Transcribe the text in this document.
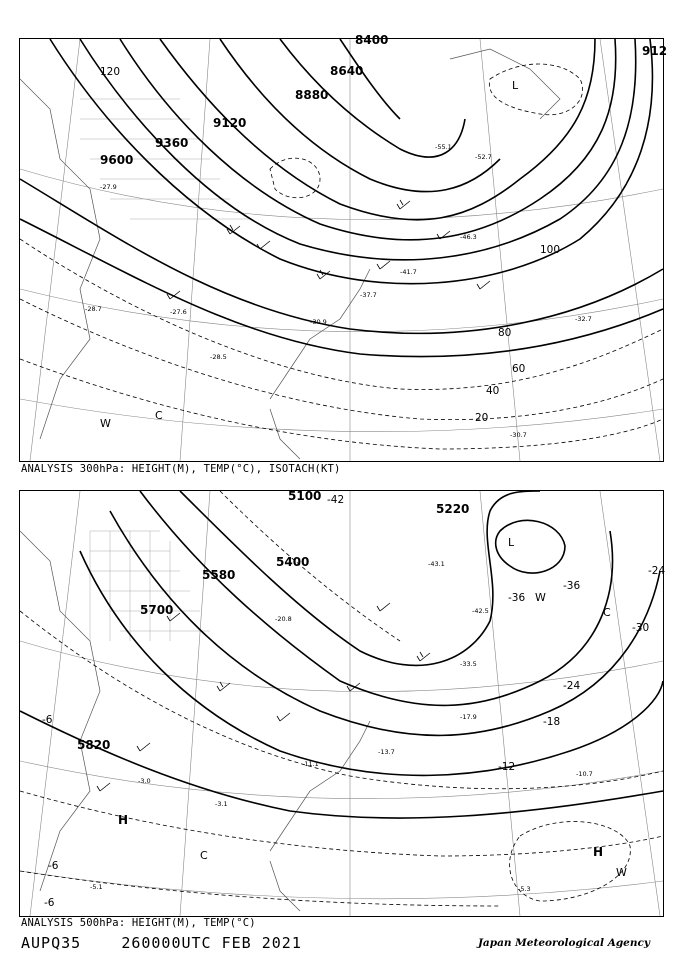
8400
8640
8880
9120
9360
9600
912
120
100
80
60
40
20
L
C
W
-27.9
-28.5
-30.9
-41.7
-46.3
-55.1
-52.7
-37.7
-32.7
-30.7
-27.6
-28.7
ANALYSIS 300hPa: HEIGHT(M), TEMP(°C), ISOTACH(KT)
5100
5220
5400
5580
5700
5820
-42
-36
-36
-30
-24
-24
-18
-12
-6
-6
-6
L
H
H
C
C
W
W
-43.1
-42.5
-33.5
-17.9
-13.7
-10.7
-3.1
-5.3
-5.1
-3.0
-20.8
-11.1
ANALYSIS 500hPa: HEIGHT(M), TEMP(°C)
AUPQ35	260000UTC FEB 2021	Japan Meteorological Agency
